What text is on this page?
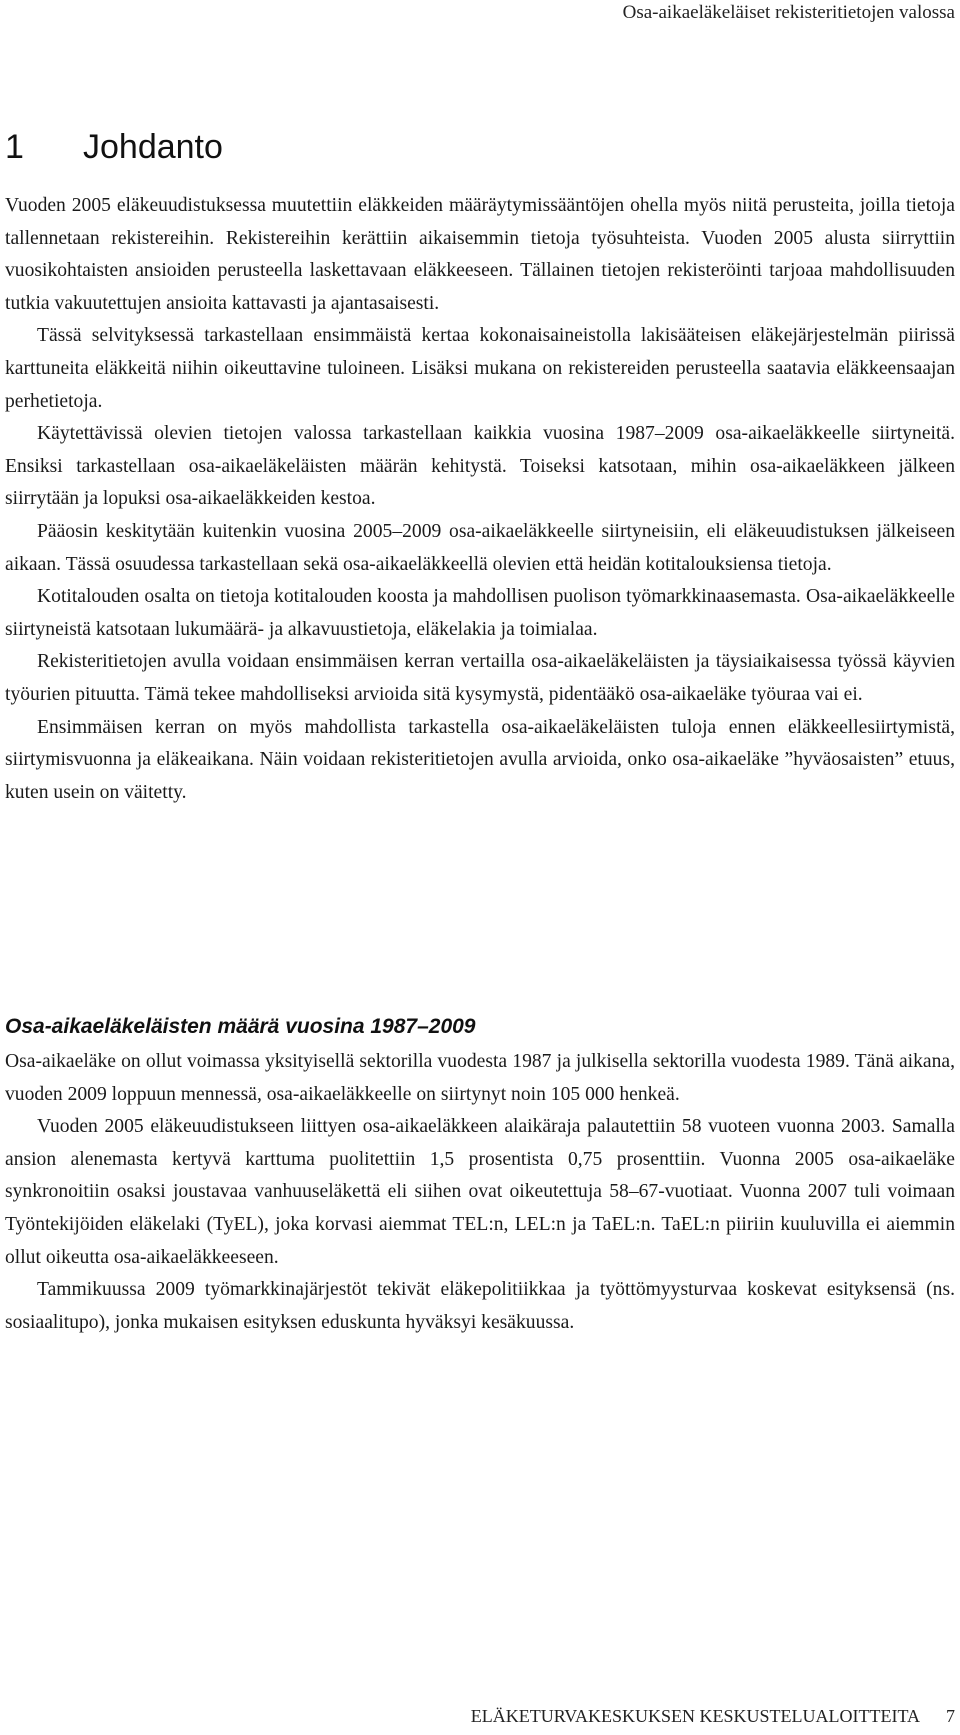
Osa-aikaeläkeläiset rekisteritietojen valossa
1 Johdanto

Vuoden 2005 eläkeuudistuksessa muutettiin eläkkeiden määräytymissääntöjen ohella myös niitä perusteita, joilla tietoja tallennetaan rekistereihin. Rekistereihin kerättiin aikaisemmin tietoja työsuhteista. Vuoden 2005 alusta siirryttiin vuosikohtaisten ansioiden perusteella laskettavaan eläkkeeseen. Tällainen tietojen rekisteröinti tarjoaa mahdollisuuden tutkia vakuutettujen ansioita kattavasti ja ajantasaisesti.

Tässä selvityksessä tarkastellaan ensimmäistä kertaa kokonaisaineistolla lakisääteisen eläkejärjestelmän piirissä karttuneita eläkkeitä niihin oikeuttavine tuloineen. Lisäksi mukana on rekistereiden perusteella saatavia eläkkeensaajan perhetietoja.

Käytettävissä olevien tietojen valossa tarkastellaan kaikkia vuosina 1987–2009 osa-aikaeläkkeelle siirtyneitä. Ensiksi tarkastellaan osa-aikaeläkeläisten määrän kehitystä. Toiseksi katsotaan, mihin osa-aikaeläkkeen jälkeen siirrytään ja lopuksi osa-aikaeläkkeiden kestoa.

Pääosin keskitytään kuitenkin vuosina 2005–2009 osa-aikaeläkkeelle siirtyneisiin, eli eläkeuudistuksen jälkeiseen aikaan. Tässä osuudessa tarkastellaan sekä osa-aikaeläkkeellä olevien että heidän kotitalouksiensa tietoja.

Kotitalouden osalta on tietoja kotitalouden koosta ja mahdollisen puolison työmarkkinaasemasta. Osa-aikaeläkkeelle siirtyneistä katsotaan lukumäärä- ja alkavuustietoja, eläkelakia ja toimialaa.

Rekisteritietojen avulla voidaan ensimmäisen kerran vertailla osa-aikaeläkeläisten ja täysiaikaisessa työssä käyvien työurien pituutta. Tämä tekee mahdolliseksi arvioida sitä kysymystä, pidentääkö osa-aikaeläke työuraa vai ei.

Ensimmäisen kerran on myös mahdollista tarkastella osa-aikaeläkeläisten tuloja ennen eläkkeellesiirtymistä, siirtymisvuonna ja eläkeaikana. Näin voidaan rekisteritietojen avulla arvioida, onko osa-aikaeläke ”hyväosaisten” etuus, kuten usein on väitetty.

Osa-aikaeläkeläisten määrä vuosina 1987–2009

Osa-aikaeläke on ollut voimassa yksityisellä sektorilla vuodesta 1987 ja julkisella sektorilla vuodesta 1989. Tänä aikana, vuoden 2009 loppuun mennessä, osa-aikaeläkkeelle on siirtynyt noin 105 000 henkeä.

Vuoden 2005 eläkeuudistukseen liittyen osa-aikaeläkkeen alaikäraja palautettiin 58 vuoteen vuonna 2003. Samalla ansion alenemasta kertyvä karttuma puolitettiin 1,5 prosentista 0,75 prosenttiin. Vuonna 2005 osa-aikaeläke synkronoitiin osaksi joustavaa vanhuuseläkettä eli siihen ovat oikeutettuja 58–67-vuotiaat. Vuonna 2007 tuli voimaan Työntekijöiden eläkelaki (TyEL), joka korvasi aiemmat TEL:n, LEL:n ja TaEL:n. TaEL:n piiriin kuuluvilla ei aiemmin ollut oikeutta osa-aikaeläkkeeseen.

Tammikuussa 2009 työmarkkinajärjestöt tekivät eläkepolitiikkaa ja työttömyysturvaa koskevat esityksensä (ns. sosiaalitupo), jonka mukaisen esityksen eduskunta hyväksyi kesäkuussa.

ELÄKETURVAKESKUKSEN KESKUSTELUALOITTEITA 7
